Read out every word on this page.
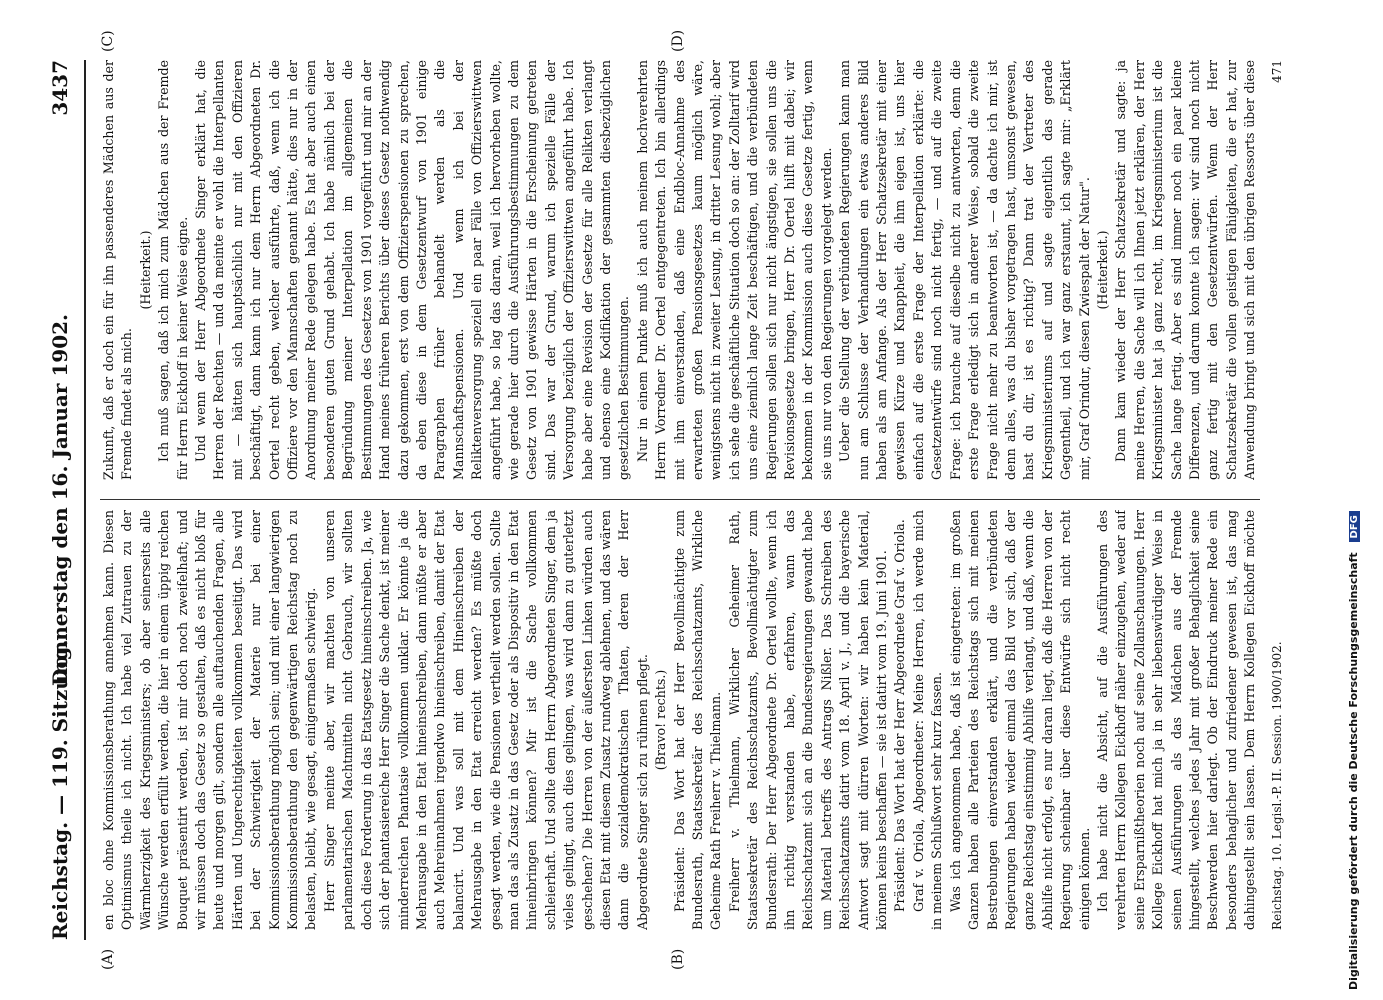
Reichstag. — 119. Sitzung.
Donnerstag den 16. Januar 1902.
3437
(A)	(B)
(C)	(D)

en bloc ohne Kommissionsberathung annehmen kann. Diesen Optimismus theile ich nicht. Ich habe viel Zutrauen zu der Wärmherzigkeit des Kriegsministers; ob aber seinerseits alle Wünsche werden erfüllt werden, die hier in einem üppig reichen Bouquet präsentirt werden, ist mir doch noch zweifelhaft; und wir müssen doch das Gesetz so gestalten, daß es nicht bloß für heute und morgen gilt, sondern alle auftauchenden Fragen, alle Härten und Ungerechtigkeiten vollkommen beseitigt. Das wird bei der Schwierigkeit der Materie nur bei einer Kommissionsberathung möglich sein; und mit einer langwierigen Kommissionsberathung den gegenwärtigen Reichstag noch zu belasten, bleibt, wie gesagt, einigermaßen schwierig. Herr Singer meinte aber, wir machten von unseren parlamentarischen Machtmitteln nicht Gebrauch, wir sollten doch diese Forderung in das Etatsgesetz hineinschreiben. Ja, wie sich der phantasiereiche Herr Singer die Sache denkt, ist meiner minderreichen Phantasie vollkommen unklar. Er könnte ja die Mehrausgabe in den Etat hineinschreiben, dann müßte er aber auch Mehreinnahmen irgendwo hineinschreiben, damit der Etat balancirt. Und was soll mit dem Hineinschreiben der Mehrausgabe in den Etat erreicht werden? Es müßte doch gesagt werden, wie die Pensionen vertheilt werden sollen. Sollte man das als Zusatz in das Gesetz oder als Dispositiv in den Etat hineinbringen können? Mir ist die Sache vollkommen schleierhaft. Und sollte dem Herrn Abgeordneten Singer, dem ja vieles gelingt, auch dies gelingen, was wird dann zu guterletzt geschehen? Die Herren von der äußersten Linken würden auch diesen Etat mit diesem Zusatz rundweg ablehnen, und das wären dann die sozialdemokratischen Thaten, deren der Herr Abgeordnete Singer sich zu rühmen pflegt. (Bravo! rechts.) Präsident: Das Wort hat der Herr Bevollmächtigte zum Bundesrath, Staatssekretär des Reichsschatzamts, Wirkliche Geheime Rath Freiherr v. Thielmann. Freiherr v. Thielmann, Wirklicher Geheimer Rath, Staatssekretär des Reichsschatzamts, Bevollmächtigter zum Bundesrath: Der Herr Abgeordnete Dr. Oertel wollte, wenn ich ihn richtig verstanden habe, erfahren, wann das Reichsschatzamt sich an die Bundesregierungen gewandt habe um Material betreffs des Antrags Nißler. Das Schreiben des Reichsschatzamts datirt vom 18. April v. J., und die bayerische Antwort sagt mit dürren Worten: wir haben kein Material, können keins beschaffen — sie ist datirt vom 19. Juni 1901. Präsident: Das Wort hat der Herr Abgeordnete Graf v. Oriola. Graf v. Oriola, Abgeordneter: Meine Herren, ich werde mich in meinem Schlußwort sehr kurz fassen. Was ich angenommen habe, daß ist eingetreten: im großen Ganzen haben alle Parteien des Reichstags sich mit meinen Bestrebungen einverstanden erklärt, und die verbündeten Regierungen haben wieder einmal das Bild vor sich, daß der ganze Reichstag einstimmig Abhilfe verlangt, und daß, wenn die Abhilfe nicht erfolgt, es nur daran liegt, daß die Herren von der Regierung scheinbar über diese Entwürfe sich nicht recht einigen können. Ich habe nicht die Absicht, auf die Ausführungen des verehrten Herrn Kollegen Eickhoff näher einzugehen, weder auf seine Ersparnißtheorien noch auf seine Zollanschauungen. Herr Kollege Eickhoff hat mich ja in sehr liebenswürdiger Weise in seinen Ausführungen als das Mädchen aus der Fremde hingestellt, welches jedes Jahr mit großer Behaglichkeit seine Beschwerden hier darlegt. Ob der Eindruck meiner Rede ein besonders behaglicher und zufriedener gewesen ist, das mag dahingestellt sein lassen. Dem Herrn Kollegen Eickhoff möchte

Zukunft, daß er doch ein für ihn passenderes Mädchen aus der Fremde findet als mich.

(Heiterkeit.) Ich muß sagen, daß ich mich zum Mädchen aus der Fremde für Herrn Eickhoff in keiner Weise eigne. Und wenn der Herr Abgeordnete Singer erklärt hat, die Herren der Rechten — und da meinte er wohl die Interpellanten mit — hätten sich hauptsächlich nur mit den Offizieren beschäftigt, dann kann ich nur dem Herrn Abgeordneten Dr. Oertel recht geben, welcher ausführte, daß, wenn ich die Offiziere vor den Mannschaften genannt hätte, dies nur in der Anordnung meiner Rede gelegen habe. Es hat aber auch einen besonderen guten Grund gehabt. Ich habe nämlich bei der Begründung meiner Interpellation im allgemeinen die Bestimmungen des Gesetzes von 1901 vorgeführt und mir an der Hand meines früheren Berichts über dieses Gesetz nothwendig dazu gekommen, erst von dem Offizierspensionen zu sprechen, da eben diese in dem Gesetzentwurf von 1901 einige Paragraphen früher behandelt werden als die Mannschaftspensionen. Und wenn ich bei der Reliktenversorgung speziell ein paar Fälle von Offizierswittwen angeführt habe, so lag das daran, weil ich hervorheben wollte, wie gerade hier durch die Ausführungsbestimmungen zu dem Gesetz von 1901 gewisse Härten in die Erscheinung getreten sind. Das war der Grund, warum ich spezielle Fälle der Versorgung bezüglich der Offizierswittwen angeführt habe. Ich habe aber eine Revision der Gesetze für alle Relikten verlangt und ebenso eine Kodifikation der gesammten diesbezüglichen gesetzlichen Bestimmungen. Nur in einem Punkte muß ich auch meinem hochverehrten Herrn Vorredner Dr. Oertel entgegentreten. Ich bin allerdings mit ihm einverstanden, daß eine Endbloc-Annahme des erwarteten großen Pensionsgesetzes kaum möglich wäre, wenigstens nicht in zweiter Lesung, in dritter Lesung wohl; aber ich sehe die geschäftliche Situation doch so an: der Zolltarif wird uns eine ziemlich lange Zeit beschäftigen, und die verbündeten Regierungen sollen sich nur nicht ängstigen, sie sollen uns die Revisionsgesetze bringen, Herr Dr. Oertel hilft mit dabei; wir bekommen in der Kommission auch diese Gesetze fertig, wenn sie uns nur von den Regierungen vorgelegt werden. Ueber die Stellung der verbündeten Regierungen kann man nun am Schlusse der Verhandlungen ein etwas anderes Bild haben als am Anfange. Als der Herr Schatzsekretär mit einer gewissen Kürze und Knappheit, die ihm eigen ist, uns hier einfach auf die erste Frage der Interpellation erklärte: die Gesetzentwürfe sind noch nicht fertig, — und auf die zweite Frage: ich brauche auf dieselbe nicht zu antworten, denn die erste Frage erledigt sich in anderer Weise, sobald die zweite Frage nicht mehr zu beantworten ist, — da dachte ich mir, ist denn alles, was du bisher vorgetragen hast, umsonst gewesen, hast du dir, ist es richtig? Dann trat der Vertreter des Kriegsministeriums auf und sagte eigentlich das gerade Gegentheil, und ich war ganz erstaunt, ich sagte mir: „Erklärt mir, Graf Orindur, diesen Zwiespalt der Natur". (Heiterkeit.)

Dann kam wieder der Herr Schatzsekretär und sagte: ja meine Herren, die Sache will ich Ihnen jetzt erklären, der Herr Kriegsminister hat ja ganz recht, im Kriegsministerium ist die Sache lange fertig. Aber es sind immer noch ein paar kleine Differenzen, und darum konnte ich sagen: wir sind noch nicht ganz fertig mit den Gesetzentwürfen. Wenn der Herr Schatzsekretär die vollen geistigen Fähigkeiten, die er hat, zur Anwendung bringt und sich mit den übrigen Ressorts über diese

Reichstag. 10. Legisl.-P. II. Session. 1900/1902.
471
Digitalisierung gefördert durch die Deutsche Forschungsgemeinschaft DFG
